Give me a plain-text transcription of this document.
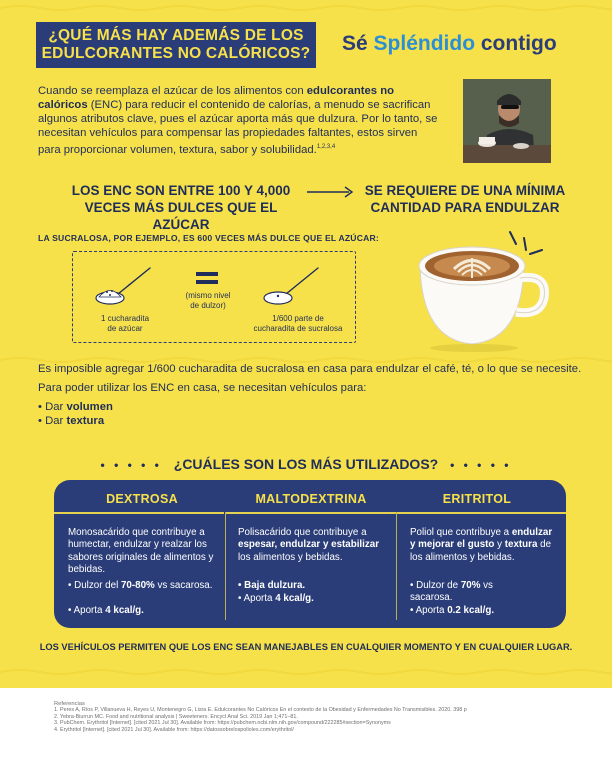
¿QUÉ MÁS HAY ADEMÁS DE LOS
EDULCORANTES NO CALÓRICOS? Sé Spléndido contigo

Cuando se reemplaza el azúcar de los alimentos con edulcorantes no calóricos (ENC) para reducir el contenido de calorías, a menudo se sacrifican algunos atributos clave, pues el azúcar aporta más que dulzura. Por lo tanto, se necesitan vehículos para compensar las propiedades faltantes, estos sirven para proporcionar volumen, textura, sabor y solubilidad.$^{1,2,3,4}$

LOS ENC SON ENTRE 100 Y 4,000
VECES MÁS DULCES QUE EL AZÚCAR
SE REQUIERE DE UNA MÍNIMA
CANTIDAD PARA ENDULZAR
LA SUCRALOSA, POR EJEMPLO, ES 600 VECES MÁS DULCE QUE EL AZÚCAR:
1 cucharadita
de azúcar
(mismo nivel
de dulzor)
1/600 parte de
cucharadita de sucralosa
Es imposible agregar 1/600 cucharadita de sucralosa en casa para endulzar el café, té, o lo que se necesite.
Para poder utilizar los ENC en casa, se necesitan vehículos para:
• Dar volumen
• Dar textura
• • • • • ¿CUÁLES SON LOS MÁS UTILIZADOS? • • • • •
DEXTROSA
Monosacárido que contribuye a humectar, endulzar y realzar los sabores originales de alimentos y bebidas.
• Dulzor del 70-80% vs sacarosa.
• Aporta 4 kcal/g.
MALTODEXTRINA
Polisacárido que contribuye a espesar, endulzar y estabilizar los alimentos y bebidas.
• Baja dulzura.
• Aporta 4 kcal/g.
ERITRITOL
Poliol que contribuye a endulzar y mejorar el gusto y textura de los alimentos y bebidas.
• Dulzor de 70% vs sacarosa.
• Aporta 0.2 kcal/g.
LOS VEHÍCULOS PERMITEN QUE LOS ENC SEAN MANEJABLES EN CUALQUIER MOMENTO Y EN CUALQUIER LUGAR.
Referencias
1. Peres A, Ríos P, Villanueva H, Reyes U, Montenegro G, Lisra E. Edulcorantes No Calóricos En el contexto de la Obesidad y Enfermedades No Transmisibles. 2020. 398 p
2. Yebra-Biurrun MC. Food and nutritional analysis | Sweeteners. Encycl Anal Sci. 2019 Jan 1;471–81.
3. PubChem. Erythritol [Internet]. [cited 2021 Jul 30]. Available from: https://pubchem.ncbi.nlm.nih.gov/compound/222285#section=Synonyms
4. Erythritol [Internet]. [cited 2021 Jul 30]. Available from: https://datossobrelospolioles.com/erythritol/
